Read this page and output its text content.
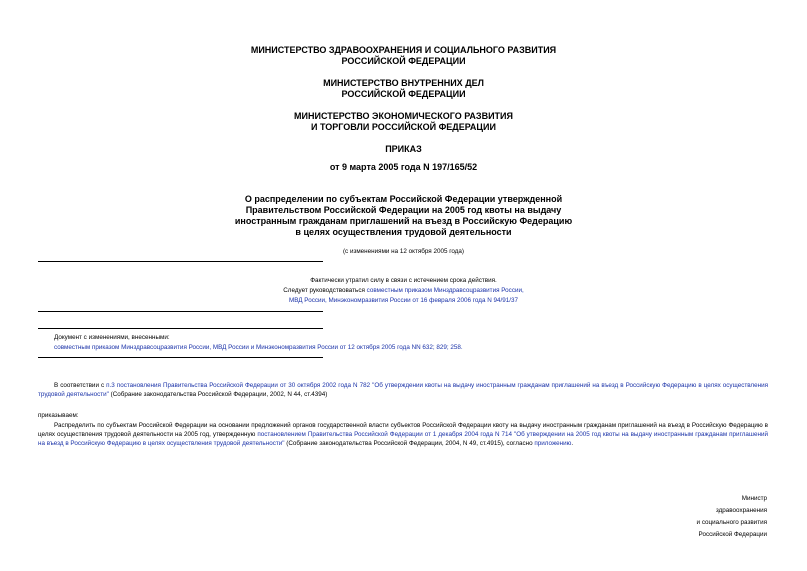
МИНИСТЕРСТВО ЗДРАВООХРАНЕНИЯ И СОЦИАЛЬНОГО РАЗВИТИЯ
РОССИЙСКОЙ ФЕДЕРАЦИИ
МИНИСТЕРСТВО ВНУТРЕННИХ ДЕЛ
РОССИЙСКОЙ ФЕДЕРАЦИИ
МИНИСТЕРСТВО ЭКОНОМИЧЕСКОГО РАЗВИТИЯ
И ТОРГОВЛИ РОССИЙСКОЙ ФЕДЕРАЦИИ
ПРИКАЗ
от 9 марта 2005 года N 197/165/52
О распределении по субъектам Российской Федерации утвержденной
Правительством Российской Федерации на 2005 год квоты на выдачу
иностранным гражданам приглашений на въезд в Российскую Федерацию
в целях осуществления трудовой деятельности
(с изменениями на 12 октября 2005 года)
Фактически утратил силу в связи с истечением срока действия.
Следует руководствоваться совместным приказом Минздравсоцразвития России,
МВД России, Минэкономразвития России от 16 февраля 2006 года N 94/91/37
Документ с изменениями, внесенными:
совместным приказом Минздравсоцразвития России, МВД России и Минэкономразвития России от 12 октября 2005 года NN 632; 829; 258.
В соответствии с п.3 постановления Правительства Российской Федерации от 30 октября 2002 года N 782 "Об утверждении квоты на выдачу иностранным гражданам приглашений на въезд в Российскую Федерацию в целях осуществления трудовой деятельности" (Собрание законодательства Российской Федерации, 2002, N 44, ст.4394)
приказываем:
Распределить по субъектам Российской Федерации на основании предложений органов государственной власти субъектов Российской Федерации квоту на выдачу иностранным гражданам приглашений на въезд в Российскую Федерацию в целях осуществления трудовой деятельности на 2005 год, утвержденную постановлением Правительства Российской Федерации от 1 декабря 2004 года N 714 "Об утверждении на 2005 год квоты на выдачу иностранным гражданам приглашений на въезд в Российскую Федерацию в целях осуществления трудовой деятельности" (Собрание законодательства Российской Федерации, 2004, N 49, ст.4915), согласно приложению.
Министр
здравоохранения
и социального развития
Российской Федерации
